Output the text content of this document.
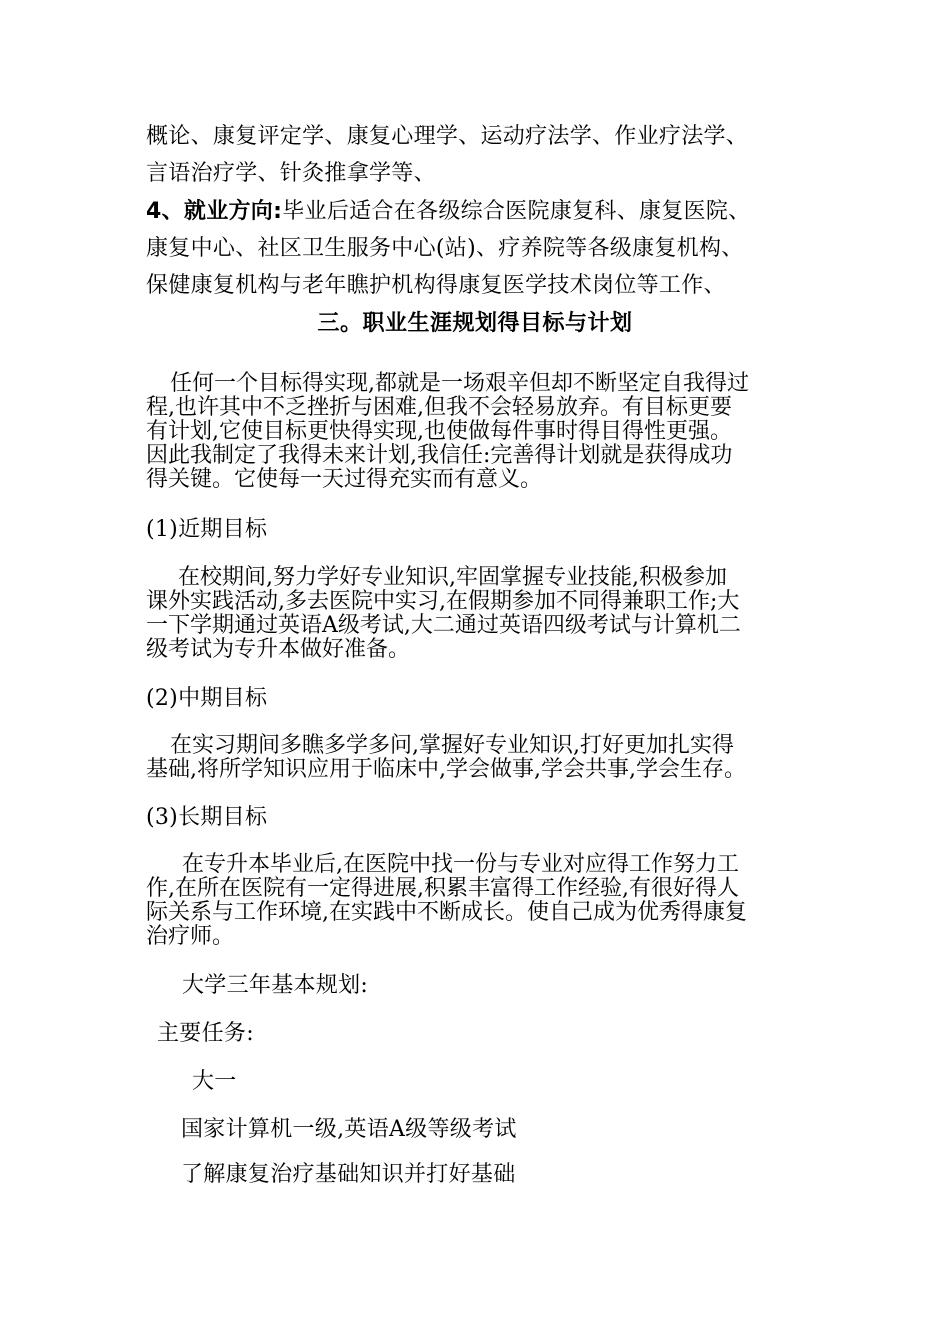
概论、康复评定学、康复心理学、运动疗法学、作业疗法学、
言语治疗学、针灸推拿学等、
4、就业方向:毕业后适合在各级综合医院康复科、康复医院、
康复中心、社区卫生服务中心(站)、疗养院等各级康复机构、
保健康复机构与老年瞧护机构得康复医学技术岗位等工作、
三。职业生涯规划得目标与计划
任何一个目标得实现,都就是一场艰辛但却不断坚定自我得过
程,也许其中不乏挫折与困难,但我不会轻易放弃。有目标更要
有计划,它使目标更快得实现,也使做每件事时得目得性更强。
因此我制定了我得未来计划,我信任:完善得计划就是获得成功
得关键。它使每一天过得充实而有意义。
(1)近期目标
在校期间,努力学好专业知识,牢固掌握专业技能,积极参加
课外实践活动,多去医院中实习,在假期参加不同得兼职工作;大
一下学期通过英语A级考试,大二通过英语四级考试与计算机二
级考试为专升本做好准备。
(2)中期目标
在实习期间多瞧多学多问,掌握好专业知识,打好更加扎实得
基础,将所学知识应用于临床中,学会做事,学会共事,学会生存。
(3)长期目标
在专升本毕业后,在医院中找一份与专业对应得工作努力工
作,在所在医院有一定得进展,积累丰富得工作经验,有很好得人
际关系与工作环境,在实践中不断成长。使自己成为优秀得康复
治疗师。
大学三年基本规划:
主要任务:
大一
国家计算机一级,英语A级等级考试
了解康复治疗基础知识并打好基础
